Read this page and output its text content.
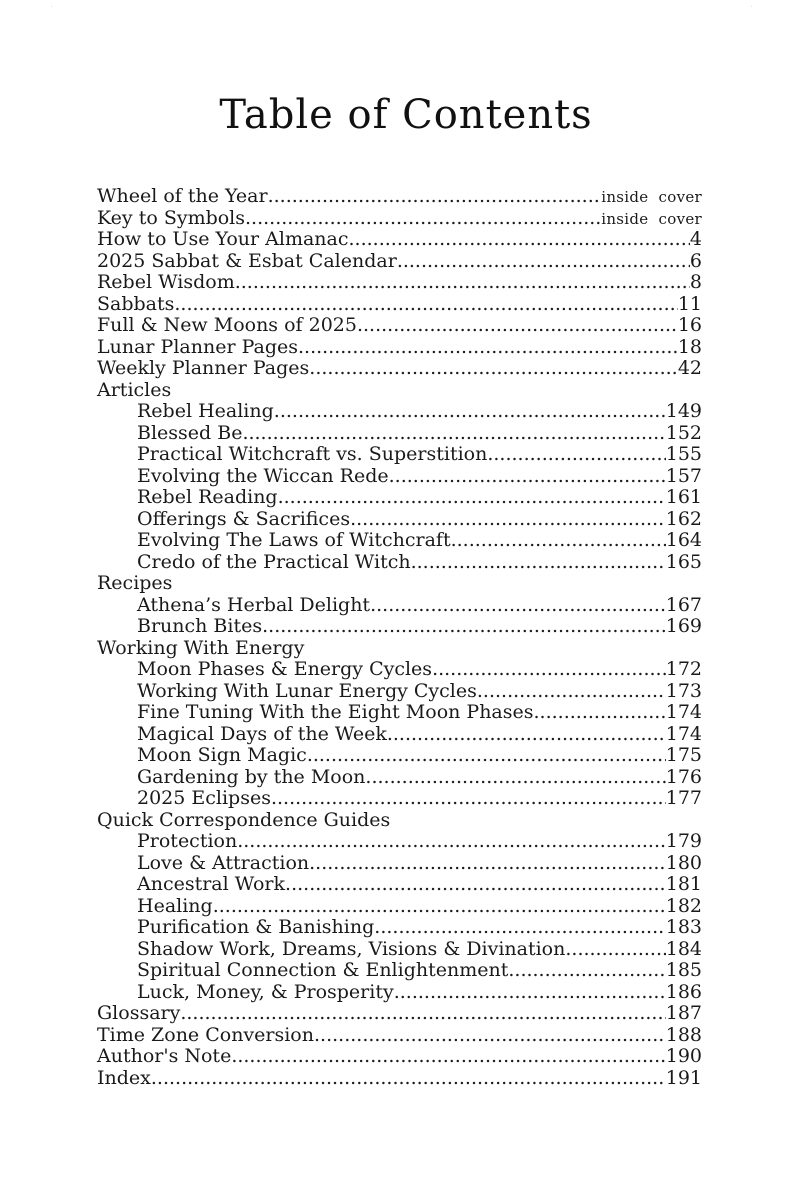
·	·
Table of Contents
Wheel of the Year .....	inside cover
Key to Symbols .....	inside cover
How to Use Your Almanac .....	4
2025 Sabbat & Esbat Calendar .....	6
Rebel Wisdom .....	8
Sabbats .....	11
Full & New Moons of 2025 .....	16
Lunar Planner Pages .....	18
Weekly Planner Pages .....	42
Articles
Rebel Healing .....	149
Blessed Be .....	152
Practical Witchcraft vs. Superstition .....	155
Evolving the Wiccan Rede .....	157
Rebel Reading .....	161
Offerings & Sacrifices .....	162
Evolving The Laws of Witchcraft .....	164
Credo of the Practical Witch .....	165
Recipes
Athena’s Herbal Delight .....	167
Brunch Bites .....	169
Working With Energy
Moon Phases & Energy Cycles .....	172
Working With Lunar Energy Cycles .....	173
Fine Tuning With the Eight Moon Phases .....	174
Magical Days of the Week .....	174
Moon Sign Magic .....	175
Gardening by the Moon .....	176
2025 Eclipses .....	177
Quick Correspondence Guides
Protection .....	179
Love & Attraction .....	180
Ancestral Work .....	181
Healing .....	182
Purification & Banishing .....	183
Shadow Work, Dreams, Visions & Divination .....	184
Spiritual Connection & Enlightenment .....	185
Luck, Money, & Prosperity .....	186
Glossary .....	187
Time Zone Conversion .....	188
Author's Note .....	190
Index .....	191
